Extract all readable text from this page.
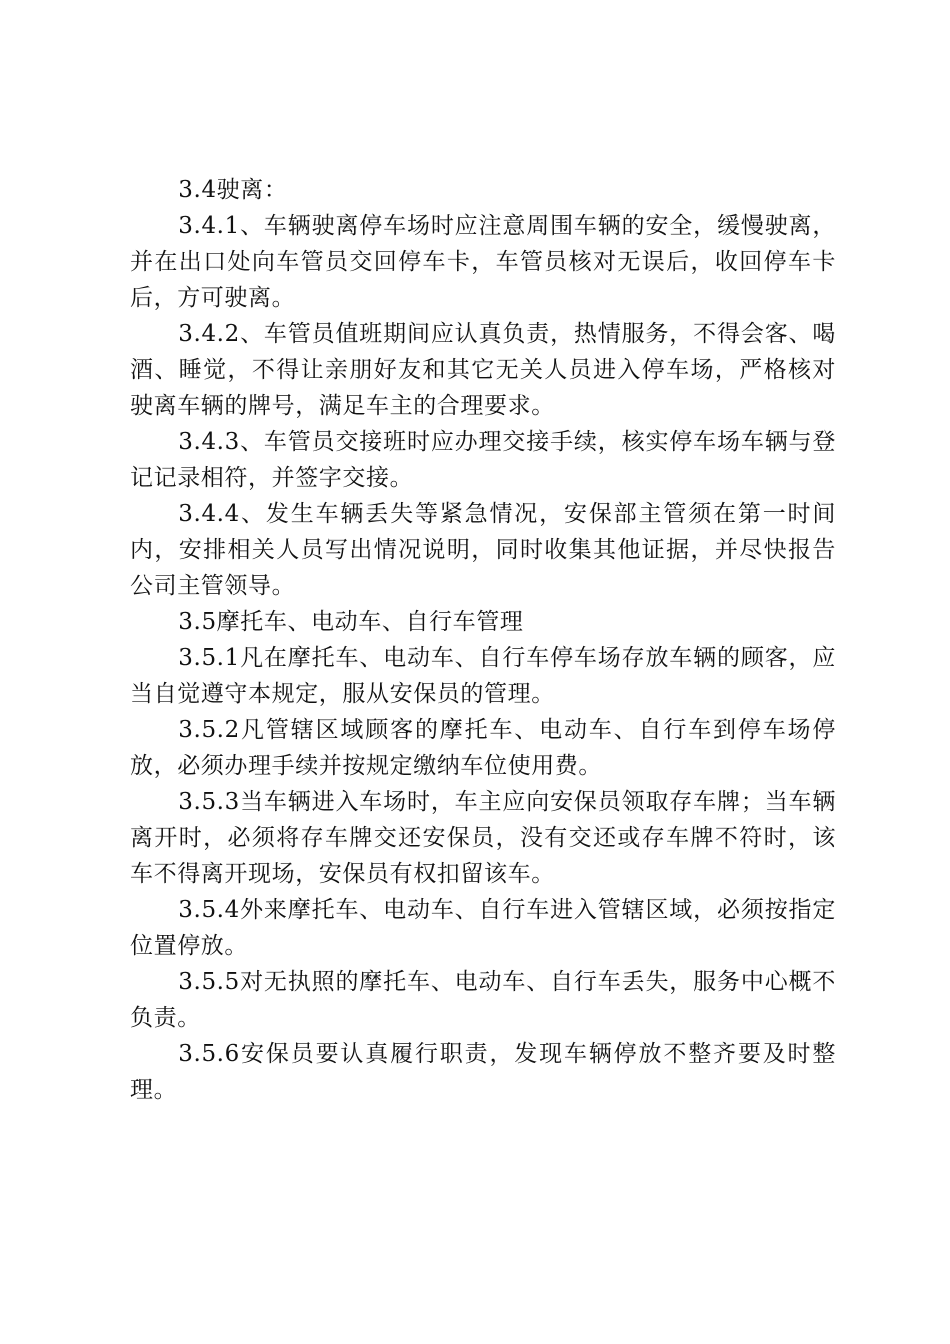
3.4驶离：

3.4.1、车辆驶离停车场时应注意周围车辆的安全，缓慢驶离，并在出口处向车管员交回停车卡，车管员核对无误后，收回停车卡后，方可驶离。

3.4.2、车管员值班期间应认真负责，热情服务，不得会客、喝酒、睡觉，不得让亲朋好友和其它无关人员进入停车场，严格核对驶离车辆的牌号，满足车主的合理要求。

3.4.3、车管员交接班时应办理交接手续，核实停车场车辆与登记记录相符，并签字交接。

3.4.4、发生车辆丢失等紧急情况，安保部主管须在第一时间内，安排相关人员写出情况说明，同时收集其他证据，并尽快报告公司主管领导。

3.5摩托车、电动车、自行车管理

3.5.1凡在摩托车、电动车、自行车停车场存放车辆的顾客，应当自觉遵守本规定，服从安保员的管理。

3.5.2凡管辖区域顾客的摩托车、电动车、自行车到停车场停放，必须办理手续并按规定缴纳车位使用费。

3.5.3当车辆进入车场时，车主应向安保员领取存车牌；当车辆离开时，必须将存车牌交还安保员，没有交还或存车牌不符时，该车不得离开现场，安保员有权扣留该车。

3.5.4外来摩托车、电动车、自行车进入管辖区域，必须按指定位置停放。

3.5.5对无执照的摩托车、电动车、自行车丢失，服务中心概不负责。

3.5.6安保员要认真履行职责，发现车辆停放不整齐要及时整理。
